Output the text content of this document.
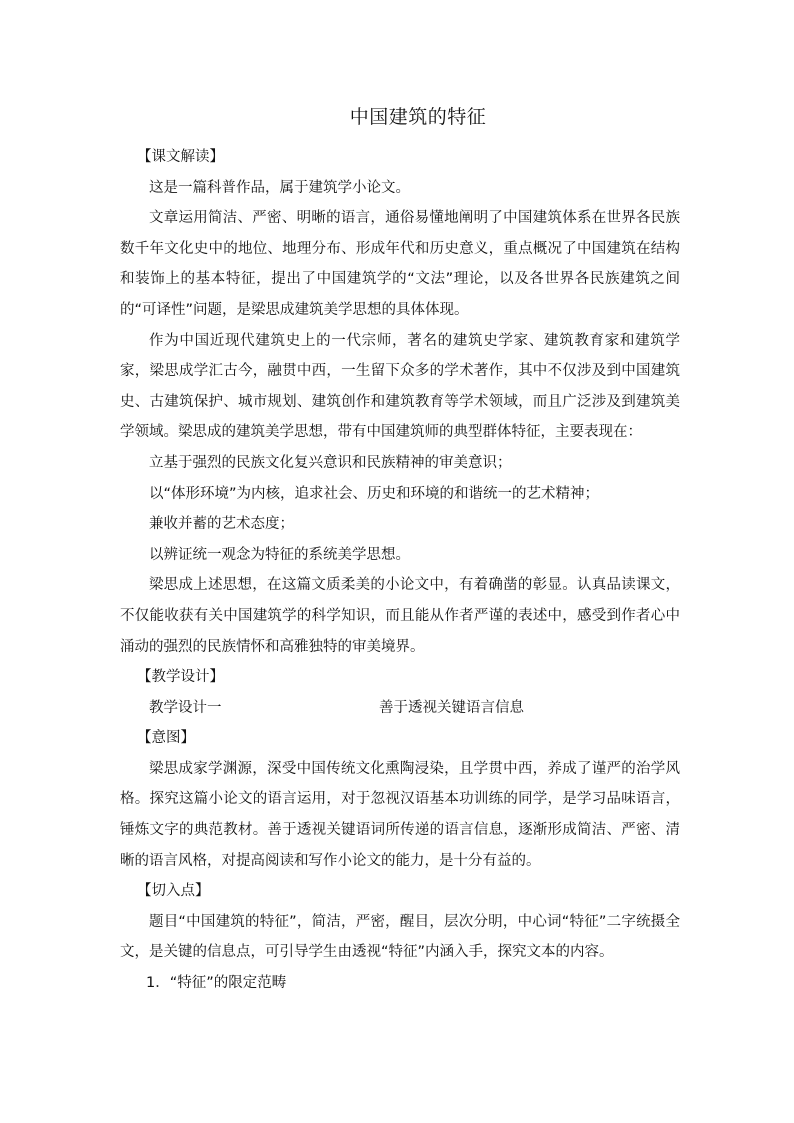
中国建筑的特征

【课文解读】

这是一篇科普作品，属于建筑学小论文。

文章运用简洁、严密、明晰的语言，通俗易懂地阐明了中国建筑体系在世界各民族数千年文化史中的地位、地理分布、形成年代和历史意义，重点概况了中国建筑在结构和装饰上的基本特征，提出了中国建筑学的“文法”理论，以及各世界各民族建筑之间的“可译性”问题，是梁思成建筑美学思想的具体体现。

作为中国近现代建筑史上的一代宗师，著名的建筑史学家、建筑教育家和建筑学家，梁思成学汇古今，融贯中西，一生留下众多的学术著作，其中不仅涉及到中国建筑史、古建筑保护、城市规划、建筑创作和建筑教育等学术领域，而且广泛涉及到建筑美学领域。梁思成的建筑美学思想，带有中国建筑师的典型群体特征，主要表现在：

立基于强烈的民族文化复兴意识和民族精神的审美意识；

以“体形环境”为内核，追求社会、历史和环境的和谐统一的艺术精神；

兼收并蓄的艺术态度；

以辨证统一观念为特征的系统美学思想。

梁思成上述思想，在这篇文质柔美的小论文中，有着确凿的彰显。认真品读课文，不仅能收获有关中国建筑学的科学知识，而且能从作者严谨的表述中，感受到作者心中涌动的强烈的民族情怀和高雅独特的审美境界。

【教学设计】

教学设计一	善于透视关键语言信息

【意图】

梁思成家学渊源，深受中国传统文化熏陶浸染，且学贯中西，养成了谨严的治学风格。探究这篇小论文的语言运用，对于忽视汉语基本功训练的同学，是学习品味语言，锤炼文字的典范教材。善于透视关键语词所传递的语言信息，逐渐形成简洁、严密、清晰的语言风格，对提高阅读和写作小论文的能力，是十分有益的。

【切入点】

题目“中国建筑的特征”，简洁，严密，醒目，层次分明，中心词“特征”二字统摄全文，是关键的信息点，可引导学生由透视“特征”内涵入手，探究文本的内容。

1．“特征”的限定范畴
